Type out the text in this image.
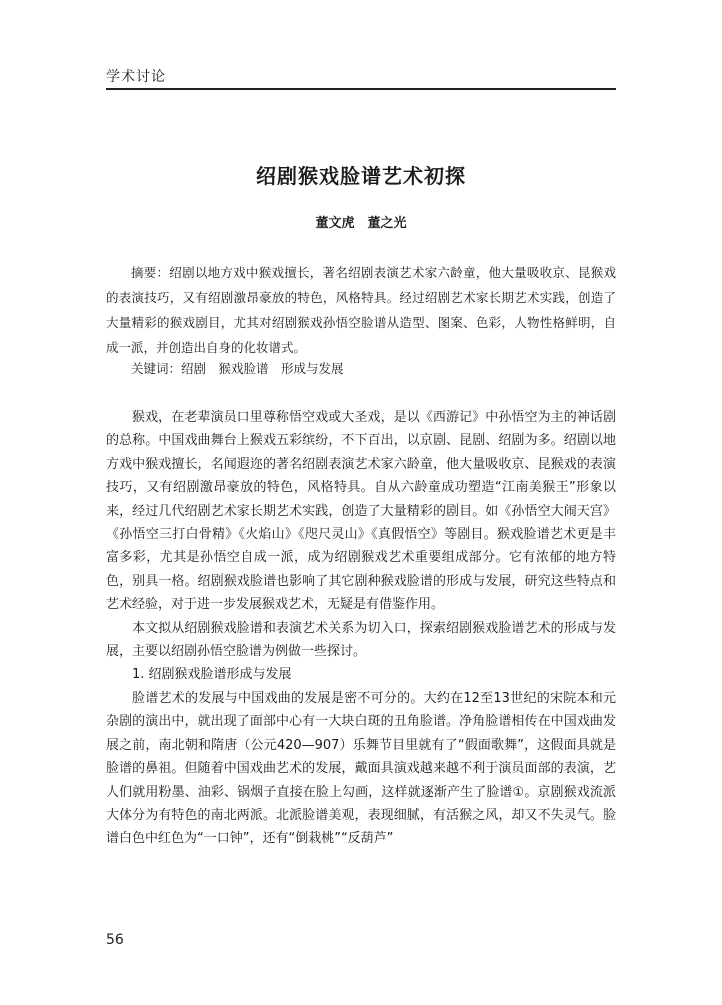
学术讨论
绍剧猴戏脸谱艺术初探
董文虎　董之光

摘要：绍剧以地方戏中猴戏擅长，著名绍剧表演艺术家六龄童，他大量吸收京、昆猴戏的表演技巧，又有绍剧激昂豪放的特色，风格特具。经过绍剧艺术家长期艺术实践，创造了大量精彩的猴戏剧目，尤其对绍剧猴戏孙悟空脸谱从造型、图案、色彩，人物性格鲜明，自成一派，并创造出自身的化妆谱式。

关键词：绍剧　猴戏脸谱　形成与发展

猴戏，在老辈演员口里尊称悟空戏或大圣戏，是以《西游记》中孙悟空为主的神话剧的总称。中国戏曲舞台上猴戏五彩缤纷，不下百出，以京剧、昆剧、绍剧为多。绍剧以地方戏中猴戏擅长，名闻遐迩的著名绍剧表演艺术家六龄童，他大量吸收京、昆猴戏的表演技巧，又有绍剧激昂豪放的特色，风格特具。自从六龄童成功塑造“江南美猴王”形象以来，经过几代绍剧艺术家长期艺术实践，创造了大量精彩的剧目。如《孙悟空大闹天宫》《孙悟空三打白骨精》《火焰山》《咫尺灵山》《真假悟空》等剧目。猴戏脸谱艺术更是丰富多彩，尤其是孙悟空自成一派，成为绍剧猴戏艺术重要组成部分。它有浓郁的地方特色，别具一格。绍剧猴戏脸谱也影响了其它剧种猴戏脸谱的形成与发展，研究这些特点和艺术经验，对于进一步发展猴戏艺术，无疑是有借鉴作用。

本文拟从绍剧猴戏脸谱和表演艺术关系为切入口，探索绍剧猴戏脸谱艺术的形成与发展，主要以绍剧孙悟空脸谱为例做一些探讨。

1. 绍剧猴戏脸谱形成与发展

脸谱艺术的发展与中国戏曲的发展是密不可分的。大约在12至13世纪的宋院本和元杂剧的演出中，就出现了面部中心有一大块白斑的丑角脸谱。净角脸谱相传在中国戏曲发展之前，南北朝和隋唐（公元420—907）乐舞节目里就有了“假面歌舞”，这假面具就是脸谱的鼻祖。但随着中国戏曲艺术的发展，戴面具演戏越来越不利于演员面部的表演，艺人们就用粉墨、油彩、锅烟子直接在脸上勾画，这样就逐渐产生了脸谱①。京剧猴戏流派大体分为有特色的南北两派。北派脸谱美观，表现细腻，有活猴之风，却又不失灵气。脸谱白色中红色为“一口钟”，还有“倒栽桃”“反葫芦”

56
